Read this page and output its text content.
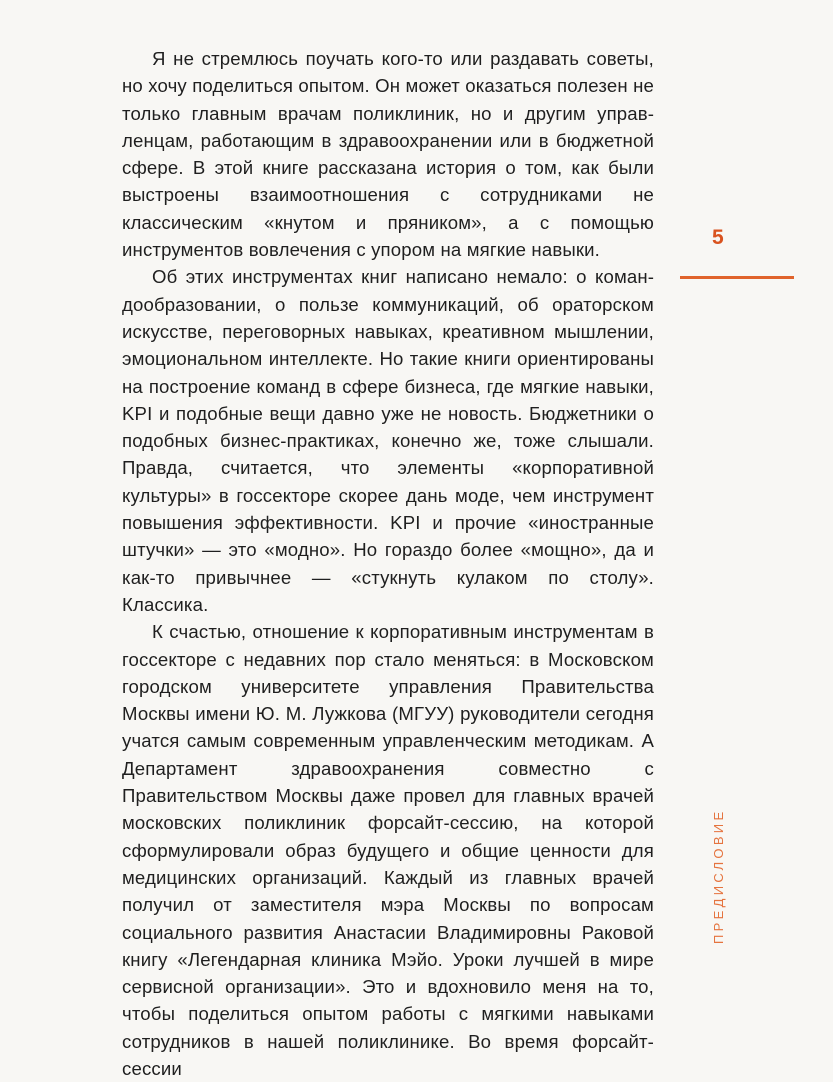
Я не стремлюсь поучать кого-то или раздавать советы, но хочу поделиться опытом. Он может оказаться полезен не только главным врачам поликлиник, но и другим управленцам, работающим в здравоохранении или в бюджетной сфере. В этой книге рассказана история о том, как были выстроены взаимоотношения с сотрудниками не классическим «кнутом и пряником», а с помощью инструментов вовлечения с упором на мягкие навыки.

Об этих инструментах книг написано немало: о командообразовании, о пользе коммуникаций, об ораторском искусстве, переговорных навыках, креативном мышлении, эмоциональном интеллекте. Но такие книги ориентированы на построение команд в сфере бизнеса, где мягкие навыки, KPI и подобные вещи давно уже не новость. Бюджетники о подобных бизнес-практиках, конечно же, тоже слышали. Правда, считается, что элементы «корпоративной культуры» в госсекторе скорее дань моде, чем инструмент повышения эффективности. KPI и прочие «иностранные штучки» — это «модно». Но гораздо более «мощно», да и как-то привычнее — «стукнуть кулаком по столу». Классика.

К счастью, отношение к корпоративным инструментам в госсекторе с недавних пор стало меняться: в Московском городском университете управления Правительства Москвы имени Ю. М. Лужкова (МГУУ) руководители сегодня учатся самым современным управленческим методикам. А Департамент здравоохранения совместно с Правительством Москвы даже провел для главных врачей московских поликлиник форсайт-сессию, на которой сформулировали образ будущего и общие ценности для медицинских организаций. Каждый из главных врачей получил от заместителя мэра Москвы по вопросам социального развития Анастасии Владимировны Раковой книгу «Легендарная клиника Мэйо. Уроки лучшей в мире сервисной организации». Это и вдохновило меня на то, чтобы поделиться опытом работы с мягкими навыками сотрудников в нашей поликлинике. Во время форсайт-сессии

5
ПРЕДИСЛОВИЕ
